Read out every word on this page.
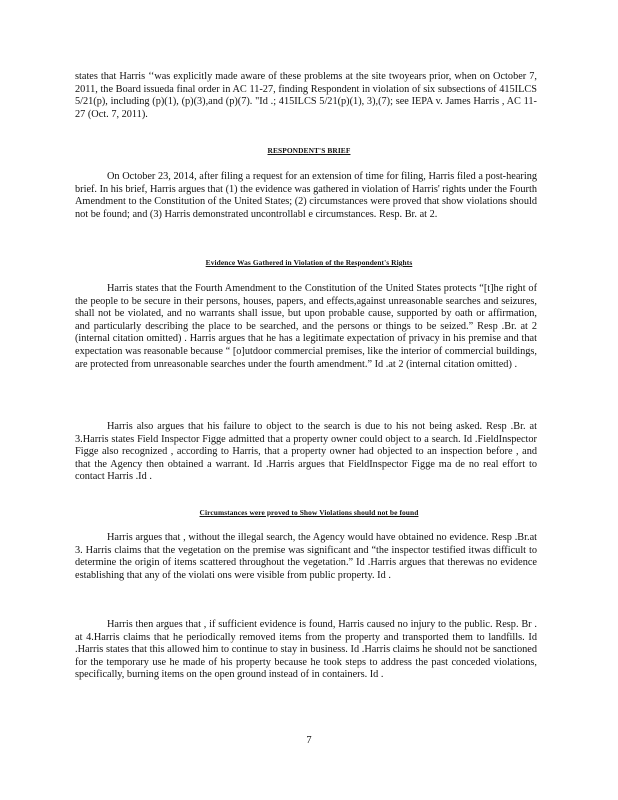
states that Harris ‘‘was explicitly made aware of these problems at the site twoyears prior, when on October 7, 2011, the Board issueda final order in AC 11-27, finding Respondent in violation of six subsections of 415ILCS 5/21(p), including (p)(1), (p)(3),and (p)(7). "Id .; 415ILCS 5/21(p)(1), 3),(7); see IEPA v. James Harris , AC 11-27 (Oct. 7, 2011).

RESPONDENT'S BRIEF

On October 23, 2014, after filing a request for an extension of time for filing, Harris filed a post-hearing brief. In his brief, Harris argues that (1) the evidence was gathered in violation of Harris' rights under the Fourth Amendment to the Constitution of the United States; (2) circumstances were proved that show violations should not be found; and (3) Harris demonstrated uncontrollabl e circumstances. Resp. Br. at 2.

Evidence Was Gathered in Violation of the Respondent's Rights

Harris states that the Fourth Amendment to the Constitution of the United States protects “[t]he right of the people to be secure in their persons, houses, papers, and effects,against unreasonable searches and seizures, shall not be violated, and no warrants shall issue, but upon probable cause, supported by oath or affirmation, and particularly describing the place to be searched, and the persons or things to be seized.” Resp .Br. at 2 (internal citation omitted) . Harris argues that he has a legitimate expectation of privacy in his premise and that expectation was reasonable because “ [o]utdoor commercial premises, like the interior of commercial buildings, are protected from unreasonable searches under the fourth amendment.” Id .at 2 (internal citation omitted) .

Harris also argues that his failure to object to the search is due to his not being asked. Resp .Br. at 3.Harris states Field Inspector Figge admitted that a property owner could object to a search. Id .FieldInspector Figge also recognized , according to Harris, that a property owner had objected to an inspection before , and that the Agency then obtained a warrant. Id .Harris argues that FieldInspector Figge ma de no real effort to contact Harris .Id .

Circumstances were proved to Show Violations should not be found

Harris argues that , without the illegal search, the Agency would have obtained no evidence. Resp .Br.at 3. Harris claims that the vegetation on the premise was significant and “the inspector testified itwas difficult to determine the origin of items scattered throughout the vegetation.” Id .Harris argues that therewas no evidence establishing that any of the violati ons were visible from public property. Id .

Harris then argues that , if sufficient evidence is found, Harris caused no injury to the public. Resp. Br . at 4.Harris claims that he periodically removed items from the property and transported them to landfills. Id .Harris states that this allowed him to continue to stay in business. Id .Harris claims he should not be sanctioned for the temporary use he made of his property because he took steps to address the past conceded violations, specifically, burning items on the open ground instead of in containers. Id .

7
